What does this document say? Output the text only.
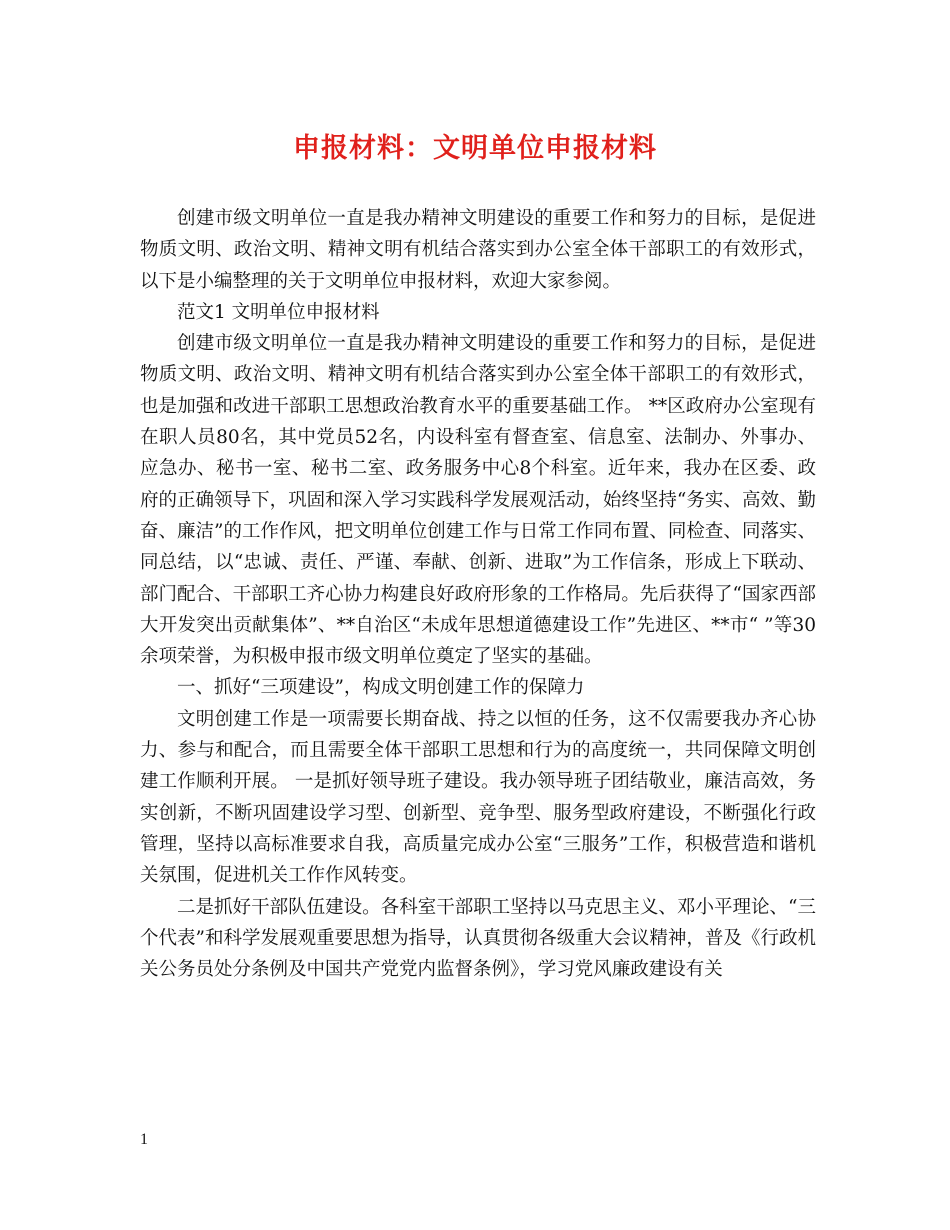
申报材料：文明单位申报材料

创建市级文明单位一直是我办精神文明建设的重要工作和努力的目标，是促进物质文明、政治文明、精神文明有机结合落实到办公室全体干部职工的有效形式，以下是小编整理的关于文明单位申报材料，欢迎大家参阅。

范文1 文明单位申报材料

创建市级文明单位一直是我办精神文明建设的重要工作和努力的目标，是促进物质文明、政治文明、精神文明有机结合落实到办公室全体干部职工的有效形式，也是加强和改进干部职工思想政治教育水平的重要基础工作。 **区政府办公室现有在职人员80名，其中党员52名，内设科室有督查室、信息室、法制办、外事办、应急办、秘书一室、秘书二室、政务服务中心8个科室。近年来，我办在区委、政府的正确领导下，巩固和深入学习实践科学发展观活动，始终坚持“务实、高效、勤奋、廉洁”的工作作风，把文明单位创建工作与日常工作同布置、同检查、同落实、同总结，以“忠诚、责任、严谨、奉献、创新、进取”为工作信条，形成上下联动、部门配合、干部职工齐心协力构建良好政府形象的工作格局。先后获得了“国家西部大开发突出贡献集体”、**自治区“未成年思想道德建设工作”先进区、**市“ ”等30余项荣誉，为积极申报市级文明单位奠定了坚实的基础。

一、抓好“三项建设”，构成文明创建工作的保障力

文明创建工作是一项需要长期奋战、持之以恒的任务，这不仅需要我办齐心协力、参与和配合，而且需要全体干部职工思想和行为的高度统一，共同保障文明创建工作顺利开展。 一是抓好领导班子建设。我办领导班子团结敬业，廉洁高效，务实创新，不断巩固建设学习型、创新型、竞争型、服务型政府建设，不断强化行政管理，坚持以高标准要求自我，高质量完成办公室“三服务”工作，积极营造和谐机关氛围，促进机关工作作风转变。

二是抓好干部队伍建设。各科室干部职工坚持以马克思主义、邓小平理论、“三个代表”和科学发展观重要思想为指导，认真贯彻各级重大会议精神，普及《行政机关公务员处分条例及中国共产党党内监督条例》，学习党风廉政建设有关

1
